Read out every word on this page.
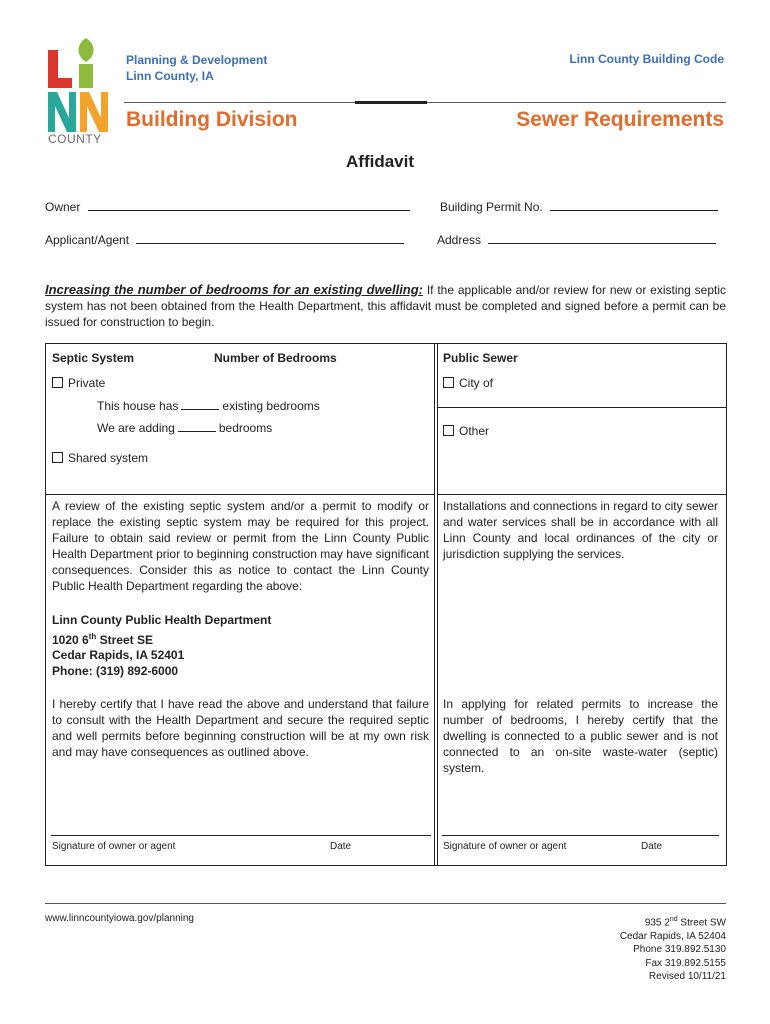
COUNTY
Planning & Development
Linn County, IA
Linn County Building Code
Building Division	Sewer Requirements
Affidavit
Owner	Building Permit No.
Applicant/Agent	Address
Increasing the number of bedrooms for an existing dwelling: If the applicable and/or review for new or existing septic system has not been obtained from the Health Department, this affidavit must be completed and signed before a permit can be issued for construction to begin.
Septic System	Number of Bedrooms	Public Sewer
Private
This house has	existing bedrooms
We are adding	bedrooms
Shared system
City of
Other
A review of the existing septic system and/or a permit to modify or replace the existing septic system may be required for this project. Failure to obtain said review or permit from the Linn County Public Health Department prior to beginning construction may have significant consequences. Consider this as notice to contact the Linn County Public Health Department regarding the above:
Installations and connections in regard to city sewer and water services shall be in accordance with all Linn County and local ordinances of the city or jurisdiction supplying the services.
Linn County Public Health Department
1020 6th Street SE
Cedar Rapids, IA 52401
Phone: (319) 892-6000
I hereby certify that I have read the above and understand that failure to consult with the Health Department and secure the required septic and well permits before beginning construction will be at my own risk and may have consequences as outlined above.
In applying for related permits to increase the number of bedrooms, I hereby certify that the dwelling is connected to a public sewer and is not connected to an on-site waste-water (septic) system.
Signature of owner or agent	Date	Signature of owner or agent	Date
www.linncountyiowa.gov/planning	935 2nd Street SW
Cedar Rapids, IA 52404
Phone 319.892.5130
Fax 319.892.5155
Revised 10/11/21
